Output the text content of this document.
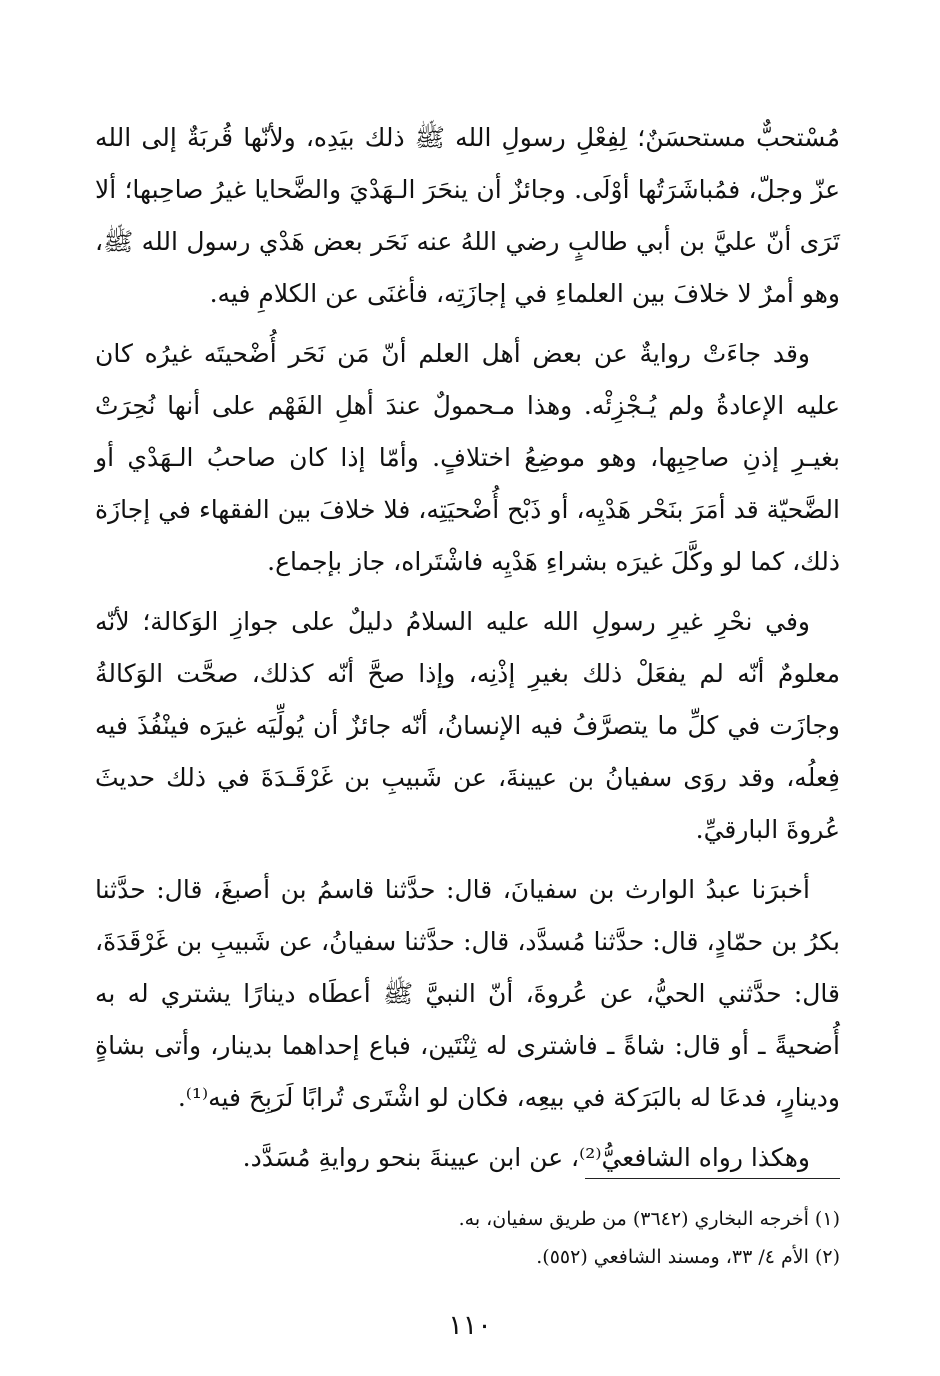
مُسْتحبٌّ مستحسَنٌ؛ لِفِعْلِ رسولِ الله ﷺ ذلك بيَدِه، ولأنّها قُربَةٌ إلى الله عزّ وجلّ، فمُباشَرَتُها أوْلَى. وجائزٌ أن ينحَرَ الـهَدْيَ والضَّحايا غيرُ صاحِبها؛ ألا تَرَى أنّ عليَّ بن أبي طالبٍ رضي اللهُ عنه نَحَر بعض هَدْي رسول الله ﷺ، وهو أمرٌ لا خلافَ بين العلماءِ في إجازَتِه، فأغنَى عن الكلامِ فيه.

وقد جاءَتْ روايةٌ عن بعض أهل العلم أنّ مَن نَحَر أُضْحيتَه غيرُه كان عليه الإعادةُ ولم يُـجْزِئْه. وهذا مـحمولٌ عندَ أهلِ الفَهْم على أنها نُحِرَتْ بغيـرِ إذنِ صاحِبِها، وهو موضِعُ اختلافٍ. وأمّا إذا كان صاحبُ الـهَدْي أو الضَّحيّة قد أمَرَ بنَحْر هَدْيِه، أو ذَبْح أُضْحيَتِه، فلا خلافَ بين الفقهاء في إجازَة ذلك، كما لو وكَّلَ غيرَه بشراءِ هَدْيِه فاشْتَراه، جاز بإجماع.

وفي نحْرِ غيرِ رسولِ الله عليه السلامُ دليلٌ على جوازِ الوَكالة؛ لأنّه معلومٌ أنّه لم يفعَلْ ذلك بغيرِ إذْنِه، وإذا صحَّ أنّه كذلك، صحَّت الوَكالةُ وجازَت في كلِّ ما يتصرَّفُ فيه الإنسانُ، أنّه جائزٌ أن يُولِّيَه غيرَه فينْفُذَ فيه فِعلُه، وقد روَى سفيانُ بن عيينةَ، عن شَبيبِ بن غَرْقَـدَةَ في ذلك حديثَ عُروةَ البارقيِّ.

أخبرَنا عبدُ الوارث بن سفيانَ، قال: حدَّثنا قاسمُ بن أصبغَ، قال: حدَّثنا بكرُ بن حمّادٍ، قال: حدَّثنا مُسدَّد، قال: حدَّثنا سفيانُ، عن شَبيبِ بن غَرْقَدَةَ، قال: حدَّثني الحيُّ، عن عُروةَ، أنّ النبيَّ ﷺ أعطَاه دينارًا يشتري له به أُضحيةً ـ أو قال: شاةً ـ فاشترى له ثِنْتَين، فباع إحداهما بدينار، وأتى بشاةٍ ودينارٍ، فدعَا له بالبَرَكة في بيعِه، فكان لو اشْتَرى تُرابًا لَرَبِحَ فيه⁽¹⁾.

وهكذا رواه الشافعيُّ⁽²⁾، عن ابن عيينةَ بنحو روايةِ مُسَدَّد.

(١) أخرجه البخاري (٣٦٤٢) من طريق سفيان، به.

(٢) الأم ٤/ ٣٣، ومسند الشافعي (٥٥٢).

١١٠
